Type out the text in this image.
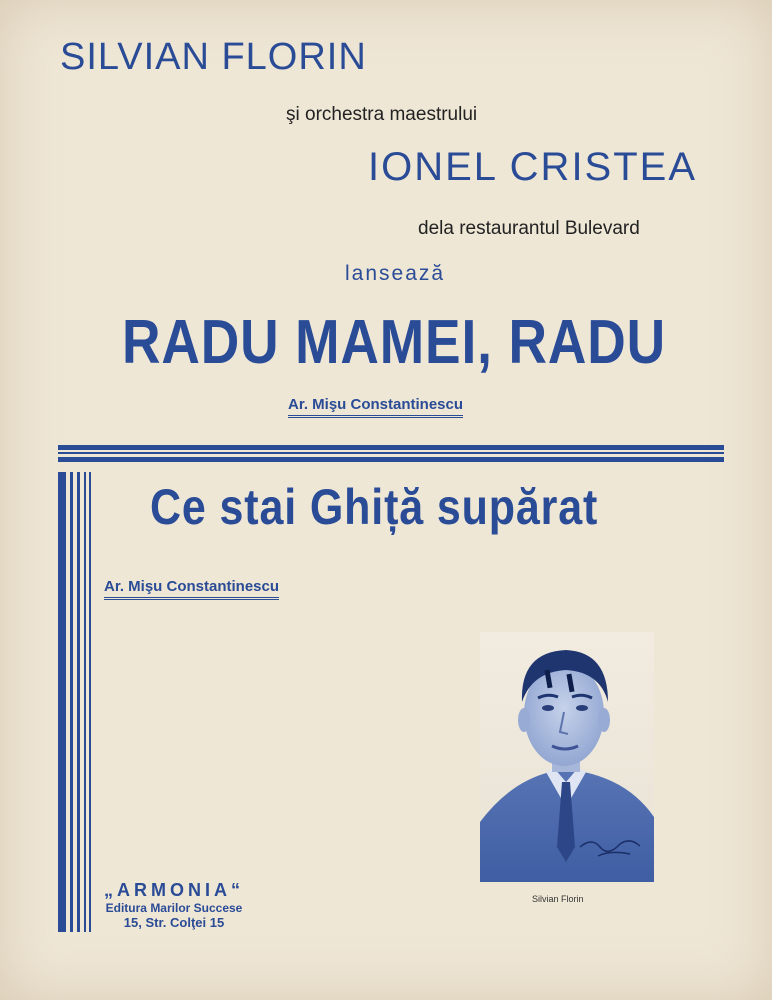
SILVIAN FLORIN
şi orchestra maestrului
IONEL CRISTEA
dela restaurantul Bulevard
lansează
RADU MAMEI, RADU
Ar. Mişu Constantinescu
Ce stai Ghiță supărat
Ar. Mişu Constantinescu
Silvian Florin
„ARMONIA“
Editura Marilor Succese
15, Str. Colţei 15
